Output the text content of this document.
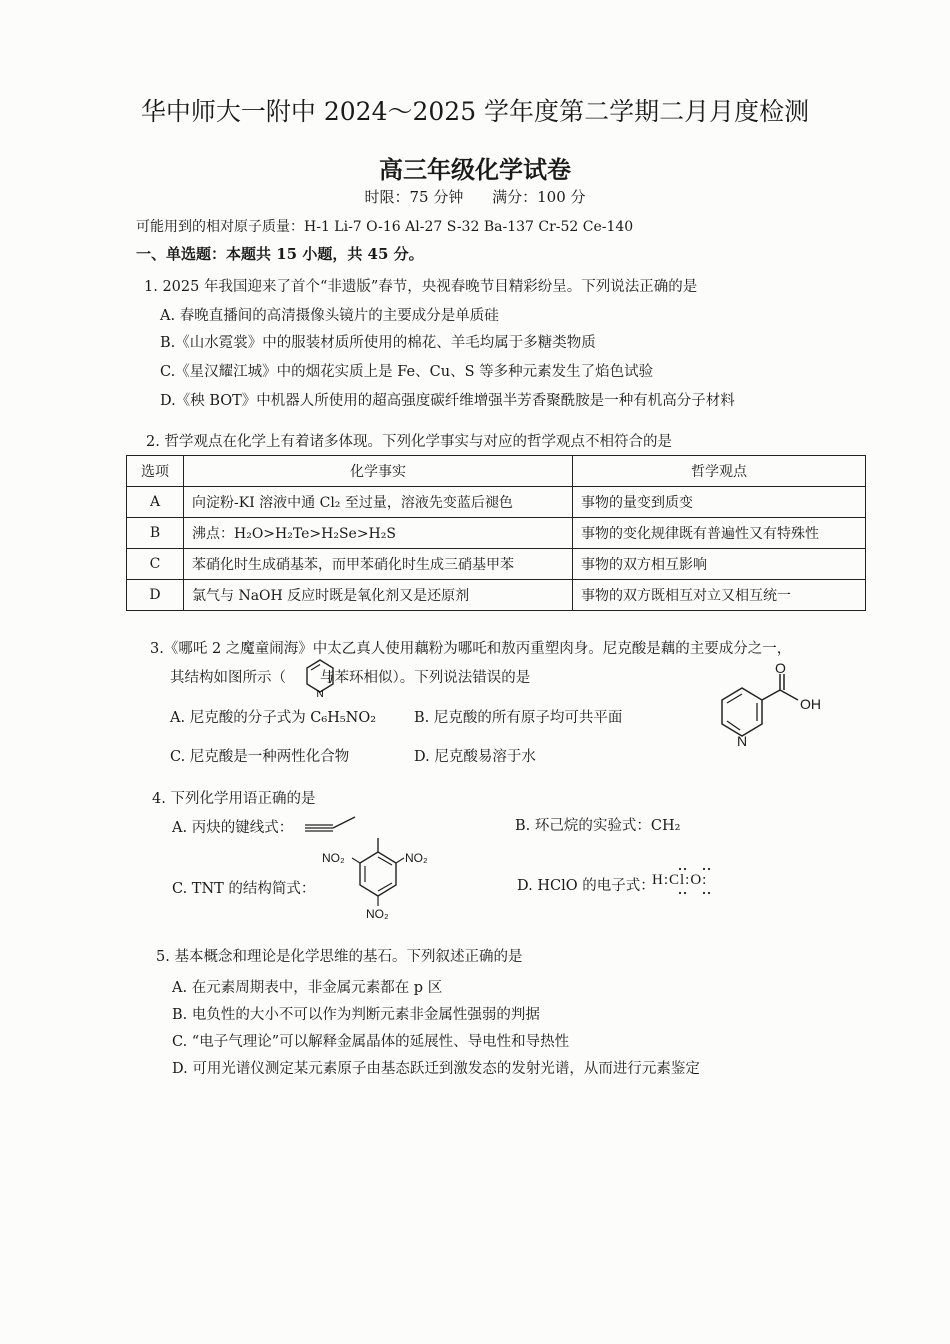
华中师大一附中 2024～2025 学年度第二学期二月月度检测
高三年级化学试卷
时限：75 分钟 满分：100 分
可能用到的相对原子质量：H-1 Li-7 O-16 Al-27 S-32 Ba-137 Cr-52 Ce-140
一、单选题：本题共 15 小题，共 45 分。
1. 2025 年我国迎来了首个“非遗版”春节，央视春晚节目精彩纷呈。下列说法正确的是
A. 春晚直播间的高清摄像头镜片的主要成分是单质硅
B.《山水霓裳》中的服装材质所使用的棉花、羊毛均属于多糖类物质
C.《星汉耀江城》中的烟花实质上是 Fe、Cu、S 等多种元素发生了焰色试验
D.《秧 BOT》中机器人所使用的超高强度碳纤维增强半芳香聚酰胺是一种有机高分子材料
2. 哲学观点在化学上有着诸多体现。下列化学事实与对应的哲学观点不相符合的是
选项	化学事实	哲学观点
A	向淀粉-KI 溶液中通 Cl₂ 至过量，溶液先变蓝后褪色	事物的量变到质变
B	沸点：H₂O>H₂Te>H₂Se>H₂S	事物的变化规律既有普遍性又有特殊性
C	苯硝化时生成硝基苯，而甲苯硝化时生成三硝基甲苯	事物的双方相互影响
D	氯气与 NaOH 反应时既是氧化剂又是还原剂	事物的双方既相互对立又相互统一
3.《哪吒 2 之魔童闹海》中太乙真人使用藕粉为哪吒和敖丙重塑肉身。尼克酸是藕的主要成分之一，
其结构如图所示（ 与苯环相似）。下列说法错误的是
N
O
OH
N
A. 尼克酸的分子式为 C₆H₅NO₂	B. 尼克酸的所有原子均可共平面
C. 尼克酸是一种两性化合物	D. 尼克酸易溶于水
4. 下列化学用语正确的是
A. 丙炔的键线式：	B. 环己烷的实验式：CH₂
C. TNT 的结构简式：
NO₂	NO₂
NO₂
D. HClO 的电子式：
H:Cl:O:
5. 基本概念和理论是化学思维的基石。下列叙述正确的是
A. 在元素周期表中，非金属元素都在 p 区
B. 电负性的大小不可以作为判断元素非金属性强弱的判据
C. “电子气理论”可以解释金属晶体的延展性、导电性和导热性
D. 可用光谱仪测定某元素原子由基态跃迁到激发态的发射光谱，从而进行元素鉴定
